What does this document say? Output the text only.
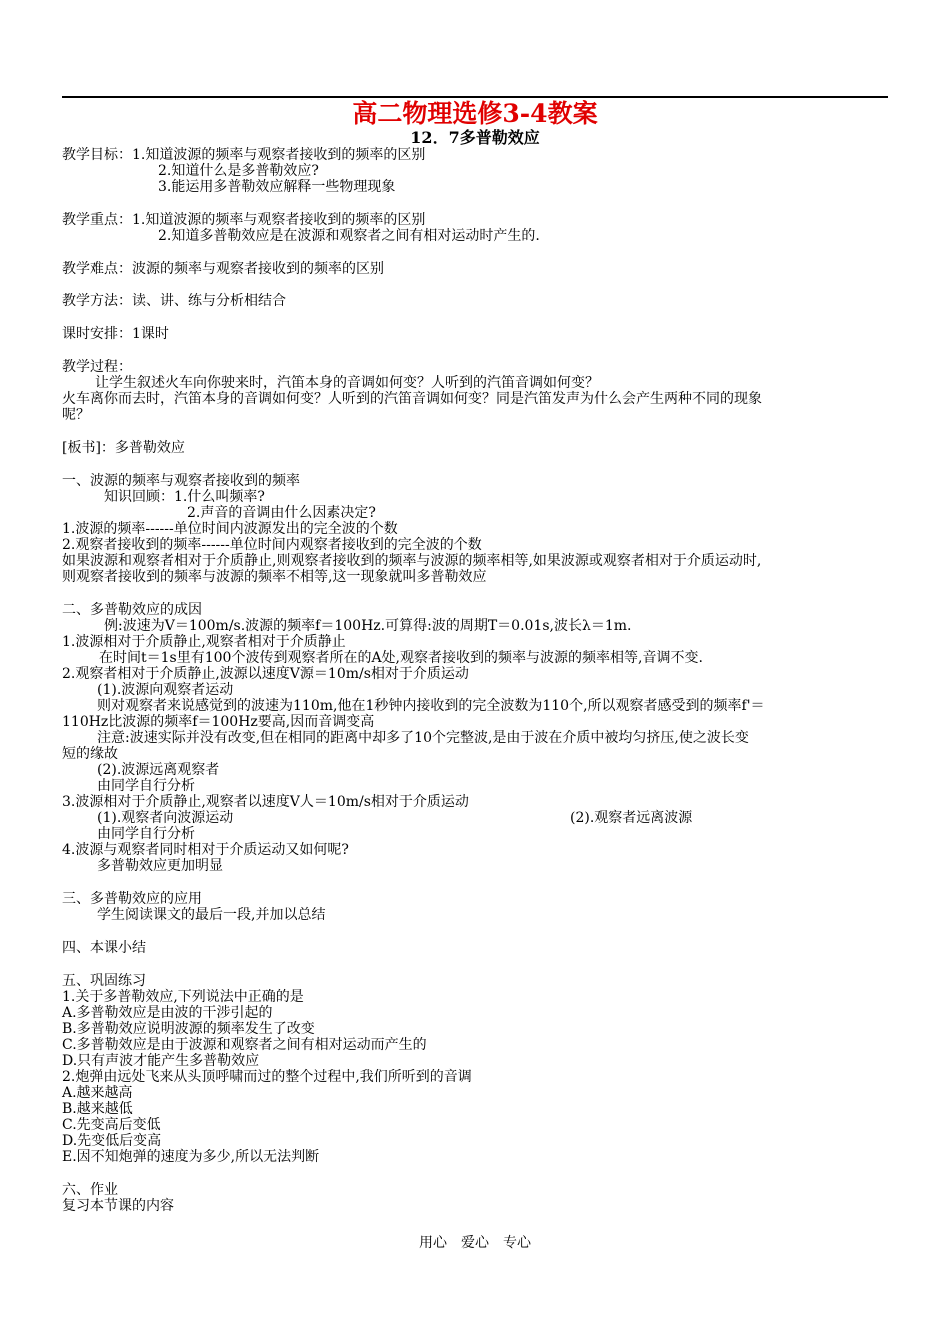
高二物理选修3-4教案
12．7多普勒效应
教学目标：1.知道波源的频率与观察者接收到的频率的区别
2.知道什么是多普勒效应?
3.能运用多普勒效应解释一些物理现象
教学重点：1.知道波源的频率与观察者接收到的频率的区别
2.知道多普勒效应是在波源和观察者之间有相对运动时产生的.
教学难点：波源的频率与观察者接收到的频率的区别
教学方法：读、讲、练与分析相结合
课时安排：1课时
教学过程：
让学生叙述火车向你驶来时，汽笛本身的音调如何变？人听到的汽笛音调如何变？
火车离你而去时，汽笛本身的音调如何变？人听到的汽笛音调如何变？同是汽笛发声为什么会产生两种不同的现象
呢？
[板书]：多普勒效应
一、波源的频率与观察者接收到的频率
知识回顾：1.什么叫频率?
2.声音的音调由什么因素决定?
1.波源的频率------单位时间内波源发出的完全波的个数
2.观察者接收到的频率------单位时间内观察者接收到的完全波的个数
如果波源和观察者相对于介质静止,则观察者接收到的频率与波源的频率相等,如果波源或观察者相对于介质运动时,
则观察者接收到的频率与波源的频率不相等,这一现象就叫多普勒效应
二、多普勒效应的成因
例:波速为V＝100m/s.波源的频率f＝100Hz.可算得:波的周期T＝0.01s,波长λ＝1m.
1.波源相对于介质静止,观察者相对于介质静止
在时间t＝1s里有100个波传到观察者所在的A处,观察者接收到的频率与波源的频率相等,音调不变.
2.观察者相对于介质静止,波源以速度V源＝10m/s相对于介质运动
(1).波源向观察者运动
则对观察者来说感觉到的波速为110m,他在1秒钟内接收到的完全波数为110个,所以观察者感受到的频率f'＝
110Hz比波源的频率f＝100Hz要高,因而音调变高
注意:波速实际并没有改变,但在相同的距离中却多了10个完整波,是由于波在介质中被均匀挤压,使之波长变
短的缘故
(2).波源远离观察者
由同学自行分析
3.波源相对于介质静止,观察者以速度V人＝10m/s相对于介质运动
(1).观察者向波源运动	(2).观察者远离波源
由同学自行分析
4.波源与观察者同时相对于介质运动又如何呢?
多普勒效应更加明显
三、多普勒效应的应用
学生阅读课文的最后一段,并加以总结
四、本课小结
五、巩固练习
1.关于多普勒效应,下列说法中正确的是
A.多普勒效应是由波的干涉引起的
B.多普勒效应说明波源的频率发生了改变
C.多普勒效应是由于波源和观察者之间有相对运动而产生的
D.只有声波才能产生多普勒效应
2.炮弹由远处飞来从头顶呼啸而过的整个过程中,我们所听到的音调
A.越来越高
B.越来越低
C.先变高后变低
D.先变低后变高
E.因不知炮弹的速度为多少,所以无法判断
六、作业
复习本节课的内容
用心　爱心　专心
